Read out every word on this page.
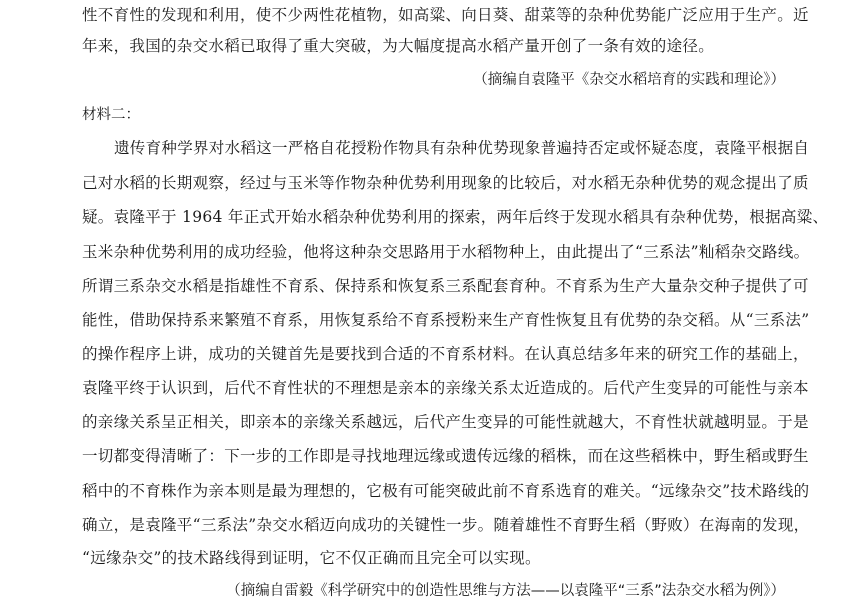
性不育性的发现和利用，使不少两性花植物，如高粱、向日葵、甜菜等的杂种优势能广泛应用于生产。近
年来，我国的杂交水稻已取得了重大突破，为大幅度提高水稻产量开创了一条有效的途径。
（摘编自袁隆平《杂交水稻培育的实践和理论》）
材料二：
遗传育种学界对水稻这一严格自花授粉作物具有杂种优势现象普遍持否定或怀疑态度，袁隆平根据自
己对水稻的长期观察，经过与玉米等作物杂种优势利用现象的比较后，对水稻无杂种优势的观念提出了质
疑。袁隆平于 1964 年正式开始水稻杂种优势利用的探索，两年后终于发现水稻具有杂种优势，根据高粱、
玉米杂种优势利用的成功经验，他将这种杂交思路用于水稻物种上，由此提出了“三系法”籼稻杂交路线。
所谓三系杂交水稻是指雄性不育系、保持系和恢复系三系配套育种。不育系为生产大量杂交种子提供了可
能性，借助保持系来繁殖不育系，用恢复系给不育系授粉来生产育性恢复且有优势的杂交稻。从“三系法”
的操作程序上讲，成功的关键首先是要找到合适的不育系材料。在认真总结多年来的研究工作的基础上，
袁隆平终于认识到，后代不育性状的不理想是亲本的亲缘关系太近造成的。后代产生变异的可能性与亲本
的亲缘关系呈正相关，即亲本的亲缘关系越远，后代产生变异的可能性就越大，不育性状就越明显。于是
一切都变得清晰了：下一步的工作即是寻找地理远缘或遗传远缘的稻株，而在这些稻株中，野生稻或野生
稻中的不育株作为亲本则是最为理想的，它极有可能突破此前不育系选育的难关。“远缘杂交”技术路线的
确立，是袁隆平“三系法”杂交水稻迈向成功的关键性一步。随着雄性不育野生稻（野败）在海南的发现，
“远缘杂交”的技术路线得到证明，它不仅正确而且完全可以实现。
（摘编自雷毅《科学研究中的创造性思维与方法——以袁隆平“三系”法杂交水稻为例》）
